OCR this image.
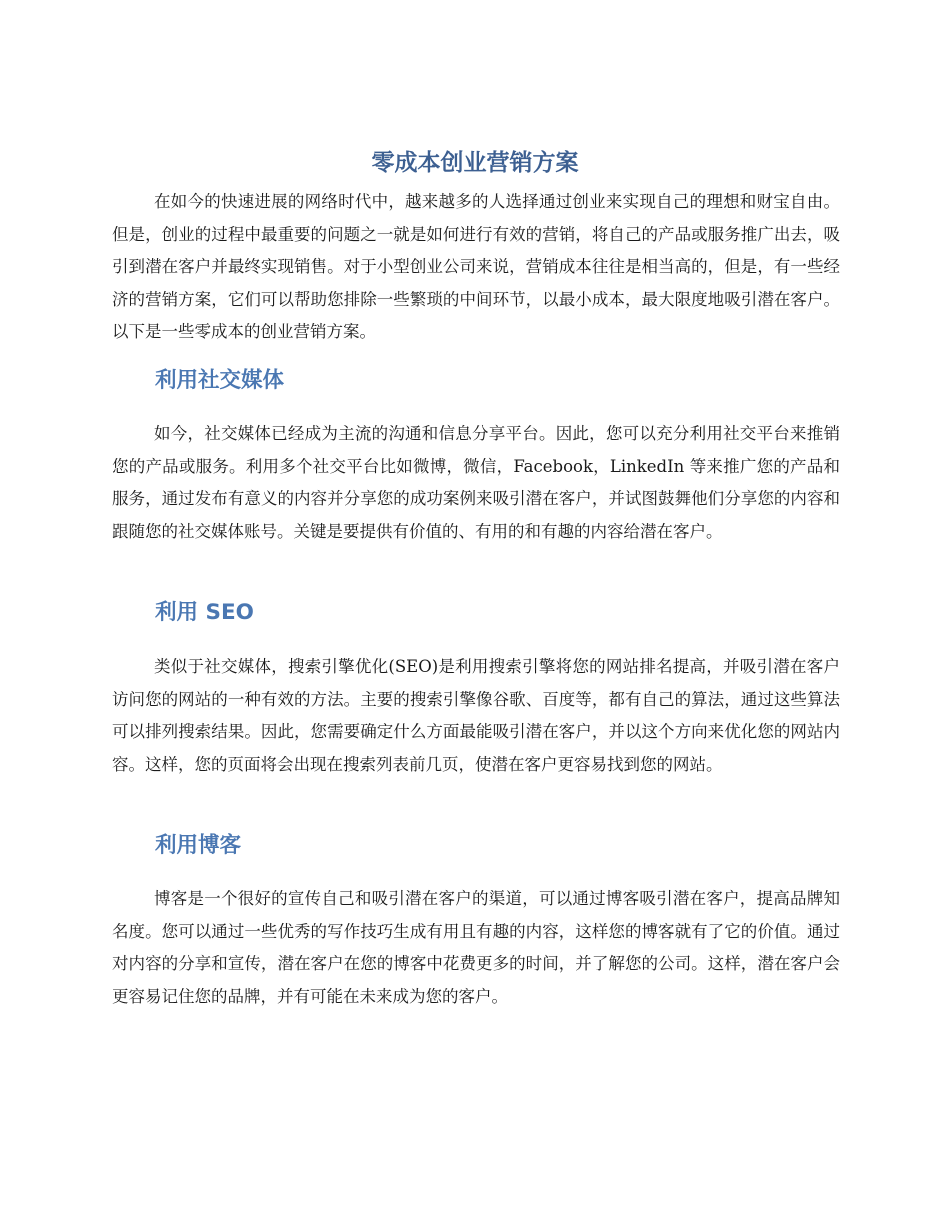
零成本创业营销方案

在如今的快速进展的网络时代中，越来越多的人选择通过创业来实现自己的理想和财宝自由。但是，创业的过程中最重要的问题之一就是如何进行有效的营销，将自己的产品或服务推广出去，吸引到潜在客户并最终实现销售。对于小型创业公司来说，营销成本往往是相当高的，但是，有一些经济的营销方案，它们可以帮助您排除一些繁琐的中间环节，以最小成本，最大限度地吸引潜在客户。以下是一些零成本的创业营销方案。

利用社交媒体

如今，社交媒体已经成为主流的沟通和信息分享平台。因此，您可以充分利用社交平台来推销您的产品或服务。利用多个社交平台比如微博，微信，Facebook，LinkedIn 等来推广您的产品和服务，通过发布有意义的内容并分享您的成功案例来吸引潜在客户，并试图鼓舞他们分享您的内容和跟随您的社交媒体账号。关键是要提供有价值的、有用的和有趣的内容给潜在客户。

利用 SEO

类似于社交媒体，搜索引擎优化(SEO)是利用搜索引擎将您的网站排名提高，并吸引潜在客户访问您的网站的一种有效的方法。主要的搜索引擎像谷歌、百度等，都有自己的算法，通过这些算法可以排列搜索结果。因此，您需要确定什么方面最能吸引潜在客户，并以这个方向来优化您的网站内容。这样，您的页面将会出现在搜索列表前几页，使潜在客户更容易找到您的网站。

利用博客

博客是一个很好的宣传自己和吸引潜在客户的渠道，可以通过博客吸引潜在客户，提高品牌知名度。您可以通过一些优秀的写作技巧生成有用且有趣的内容，这样您的博客就有了它的价值。通过对内容的分享和宣传，潜在客户在您的博客中花费更多的时间，并了解您的公司。这样，潜在客户会更容易记住您的品牌，并有可能在未来成为您的客户。
